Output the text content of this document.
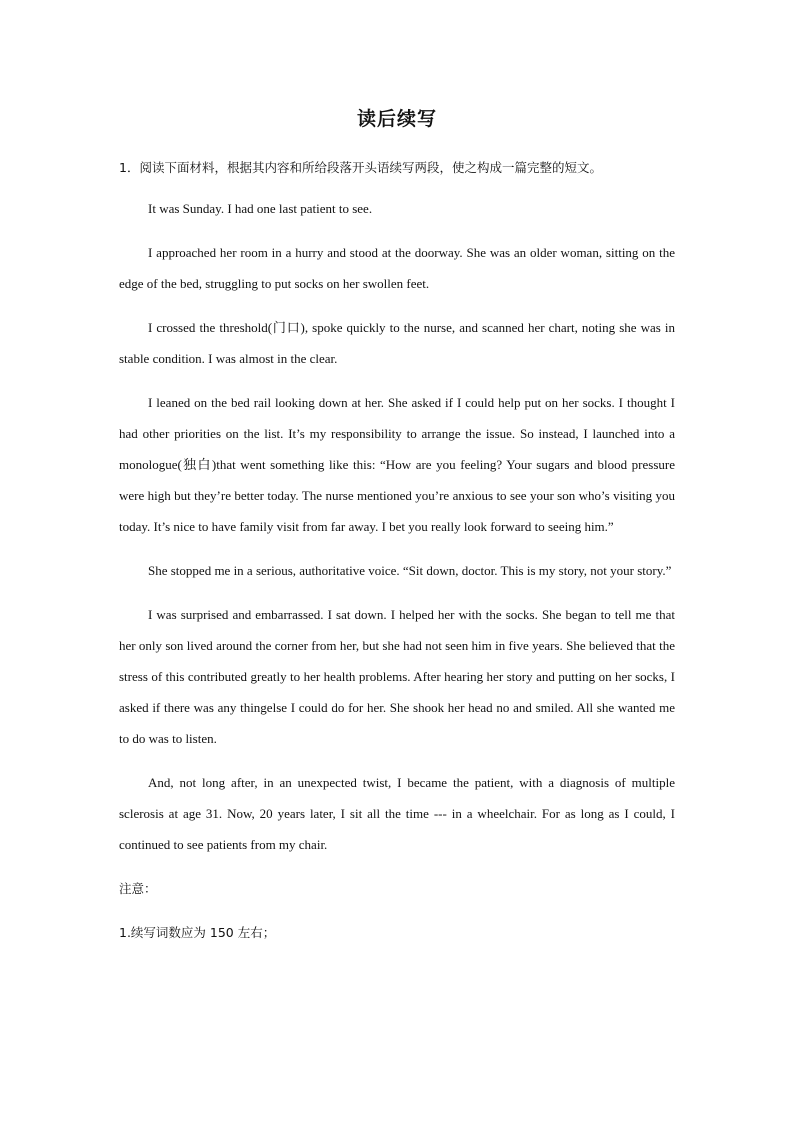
读后续写

1．阅读下面材料，根据其内容和所给段落开头语续写两段，使之构成一篇完整的短文。

It was Sunday. I had one last patient to see.

I approached her room in a hurry and stood at the doorway. She was an older woman, sitting on the edge of the bed, struggling to put socks on her swollen feet.

I crossed the threshold(门口), spoke quickly to the nurse, and scanned her chart, noting she was in stable condition. I was almost in the clear.

I leaned on the bed rail looking down at her. She asked if I could help put on her socks. I thought I had other priorities on the list. It’s my responsibility to arrange the issue. So instead, I launched into a monologue(独白)that went something like this: “How are you feeling? Your sugars and blood pressure were high but they’re better today. The nurse mentioned you’re anxious to see your son who’s visiting you today. It’s nice to have family visit from far away. I bet you really look forward to seeing him.”

She stopped me in a serious, authoritative voice. “Sit down, doctor. This is my story, not your story.”

I was surprised and embarrassed. I sat down. I helped her with the socks. She began to tell me that her only son lived around the corner from her, but she had not seen him in five years. She believed that the stress of this contributed greatly to her health problems. After hearing her story and putting on her socks, I asked if there was any thingelse I could do for her. She shook her head no and smiled. All she wanted me to do was to listen.

And, not long after, in an unexpected twist, I became the patient, with a diagnosis of multiple sclerosis at age 31. Now, 20 years later, I sit all the time --- in a wheelchair. For as long as I could, I continued to see patients from my chair.

注意：

1.续写词数应为 150 左右；
